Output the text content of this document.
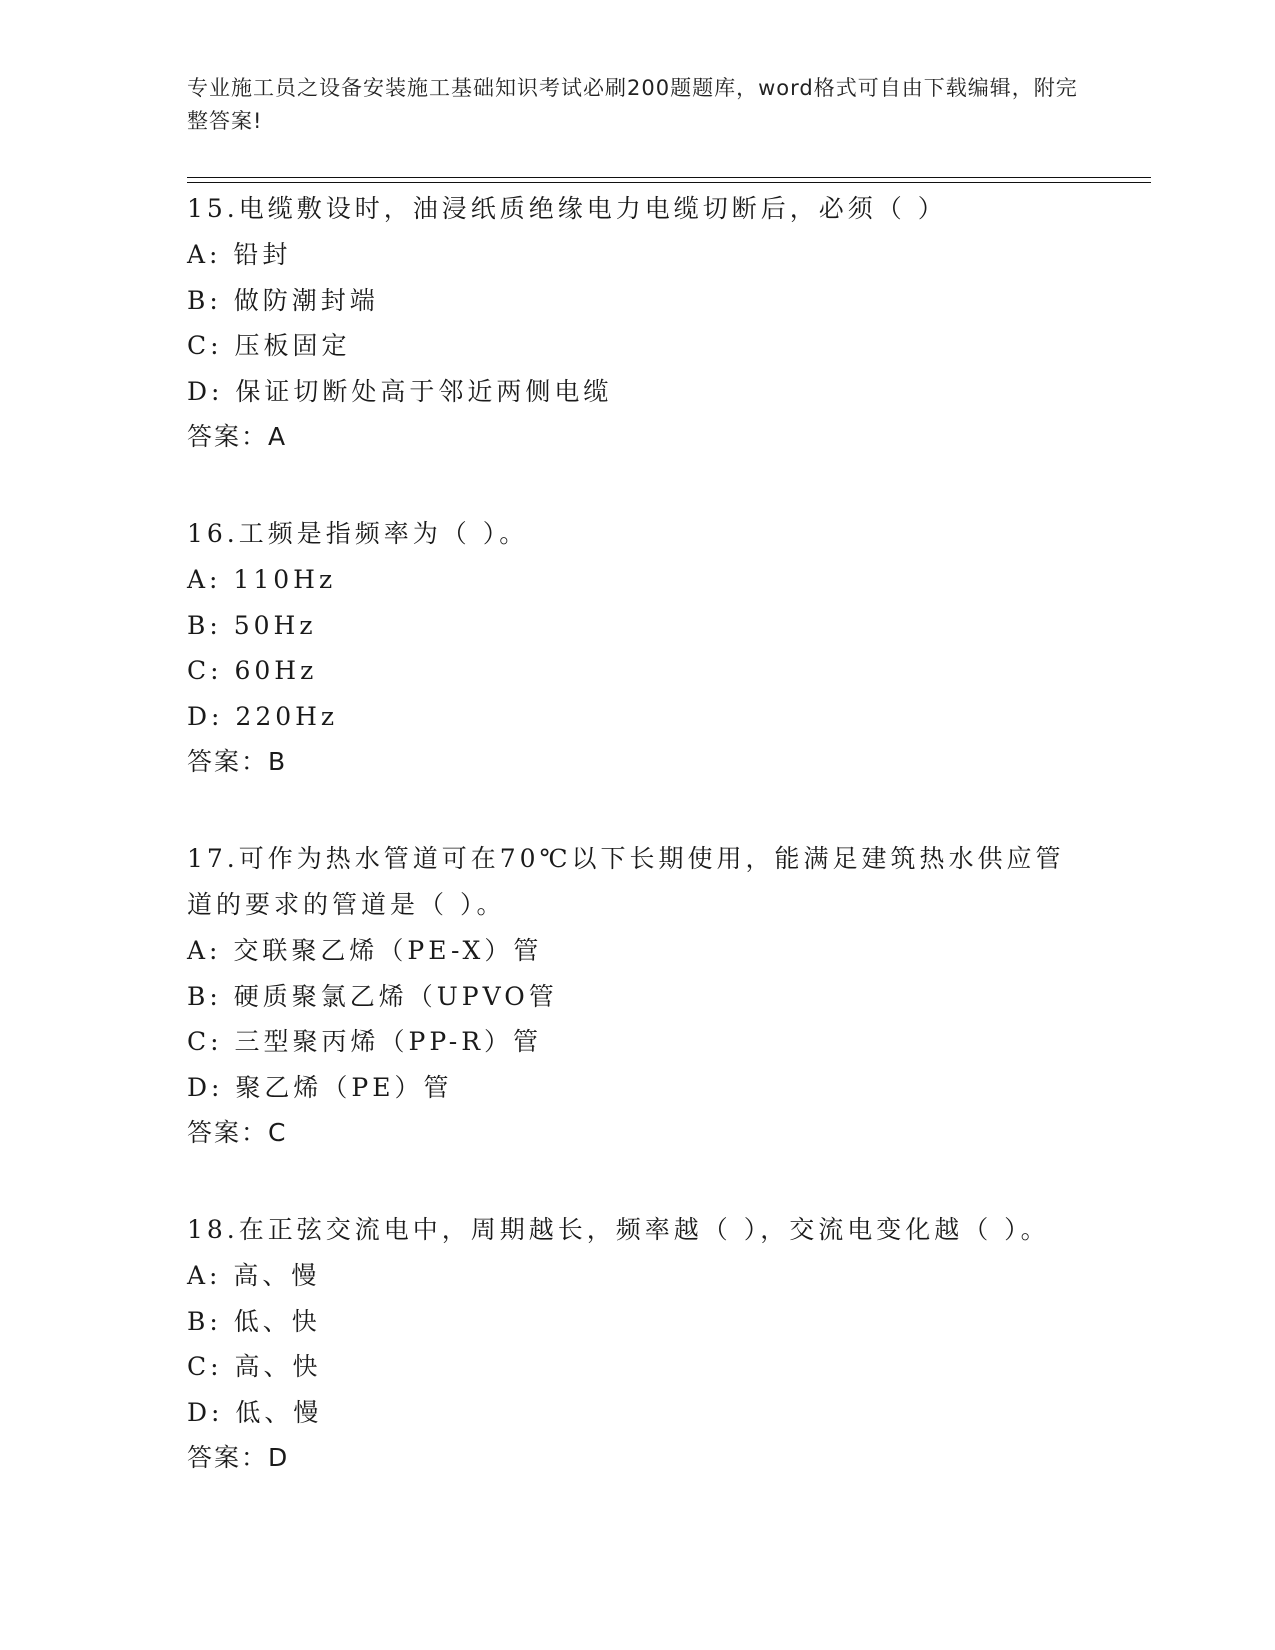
专业施工员之设备安装施工基础知识考试必刷200题题库，word格式可自由下载编辑，附完整答案!

15.电缆敷设时，油浸纸质绝缘电力电缆切断后，必须（ ）

A: 铅封

B: 做防潮封端

C: 压板固定

D: 保证切断处高于邻近两侧电缆

答案：A

16.工频是指频率为（ ）。

A: 110Hz

B: 50Hz

C: 60Hz

D: 220Hz

答案：B

17.可作为热水管道可在70℃以下长期使用，能满足建筑热水供应管道的要求的管道是（ ）。

A: 交联聚乙烯（PE-X）管

B: 硬质聚氯乙烯（UPVO管

C: 三型聚丙烯（PP-R）管

D: 聚乙烯（PE）管

答案：C

18.在正弦交流电中，周期越长，频率越（ ），交流电变化越（ ）。

A: 高、慢

B: 低、快

C: 高、快

D: 低、慢

答案：D
